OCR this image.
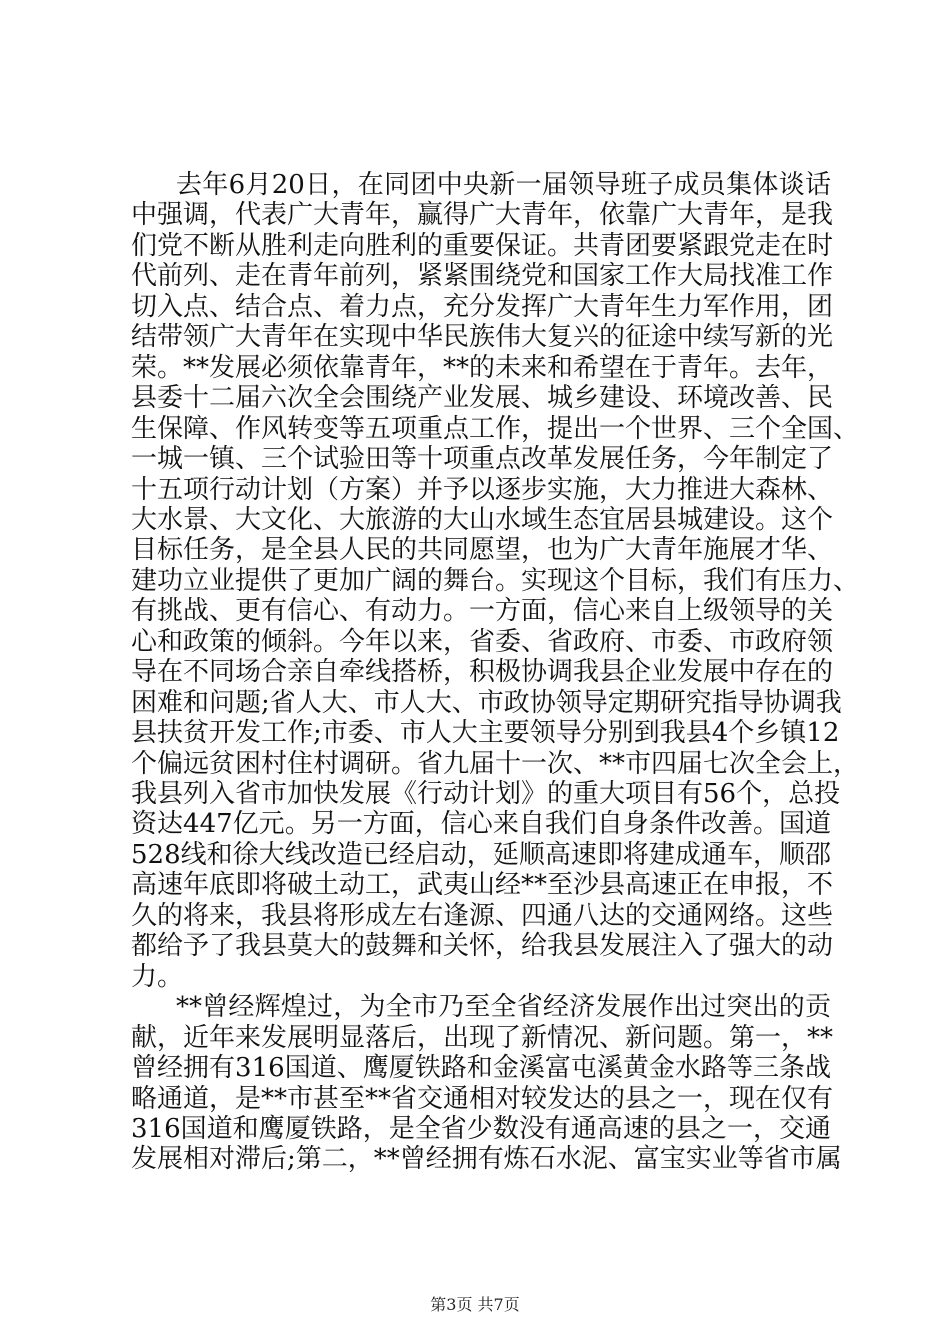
去年6月20日，在同团中央新一届领导班子成员集体谈话
中强调，代表广大青年，赢得广大青年，依靠广大青年，是我
们党不断从胜利走向胜利的重要保证。共青团要紧跟党走在时
代前列、走在青年前列，紧紧围绕党和国家工作大局找准工作
切入点、结合点、着力点，充分发挥广大青年生力军作用，团
结带领广大青年在实现中华民族伟大复兴的征途中续写新的光
荣。**发展必须依靠青年，**的未来和希望在于青年。去年，
县委十二届六次全会围绕产业发展、城乡建设、环境改善、民
生保障、作风转变等五项重点工作，提出一个世界、三个全国、
一城一镇、三个试验田等十项重点改革发展任务，今年制定了
十五项行动计划（方案）并予以逐步实施，大力推进大森林、
大水景、大文化、大旅游的大山水域生态宜居县城建设。这个
目标任务，是全县人民的共同愿望，也为广大青年施展才华、
建功立业提供了更加广阔的舞台。实现这个目标，我们有压力、
有挑战、更有信心、有动力。一方面，信心来自上级领导的关
心和政策的倾斜。今年以来，省委、省政府、市委、市政府领
导在不同场合亲自牵线搭桥，积极协调我县企业发展中存在的
困难和问题;省人大、市人大、市政协领导定期研究指导协调我
县扶贫开发工作;市委、市人大主要领导分别到我县4个乡镇12
个偏远贫困村住村调研。省九届十一次、**市四届七次全会上，
我县列入省市加快发展《行动计划》的重大项目有56个，总投
资达447亿元。另一方面，信心来自我们自身条件改善。国道
528线和徐大线改造已经启动，延顺高速即将建成通车，顺邵
高速年底即将破土动工，武夷山经**至沙县高速正在申报，不
久的将来，我县将形成左右逢源、四通八达的交通网络。这些
都给予了我县莫大的鼓舞和关怀，给我县发展注入了强大的动
力。
**曾经辉煌过，为全市乃至全省经济发展作出过突出的贡
献，近年来发展明显落后，出现了新情况、新问题。第一，**
曾经拥有316国道、鹰厦铁路和金溪富屯溪黄金水路等三条战
略通道，是**市甚至**省交通相对较发达的县之一，现在仅有
316国道和鹰厦铁路，是全省少数没有通高速的县之一，交通
发展相对滞后;第二，**曾经拥有炼石水泥、富宝实业等省市属
第3页 共7页
